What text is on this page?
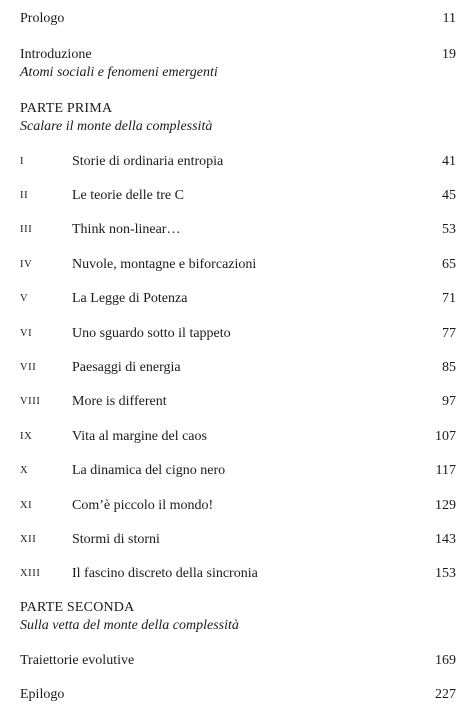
Prologo	11
Introduzione	19
Atomi sociali e fenomeni emergenti
PARTE PRIMA
Scalare il monte della complessità
I	Storie di ordinaria entropia	41
II	Le teorie delle tre C	45
III	Think non-linear…	53
IV	Nuvole, montagne e biforcazioni	65
V	La Legge di Potenza	71
VI	Uno sguardo sotto il tappeto	77
VII	Paesaggi di energia	85
VIII More is different	97
IX	Vita al margine del caos	107
X	La dinamica del cigno nero	117
XI	Com’è piccolo il mondo!	129
XII	Stormi di storni	143
XIII Il fascino discreto della sincronia	153
PARTE SECONDA
Sulla vetta del monte della complessità
Traiettorie evolutive	169
Epilogo	227
